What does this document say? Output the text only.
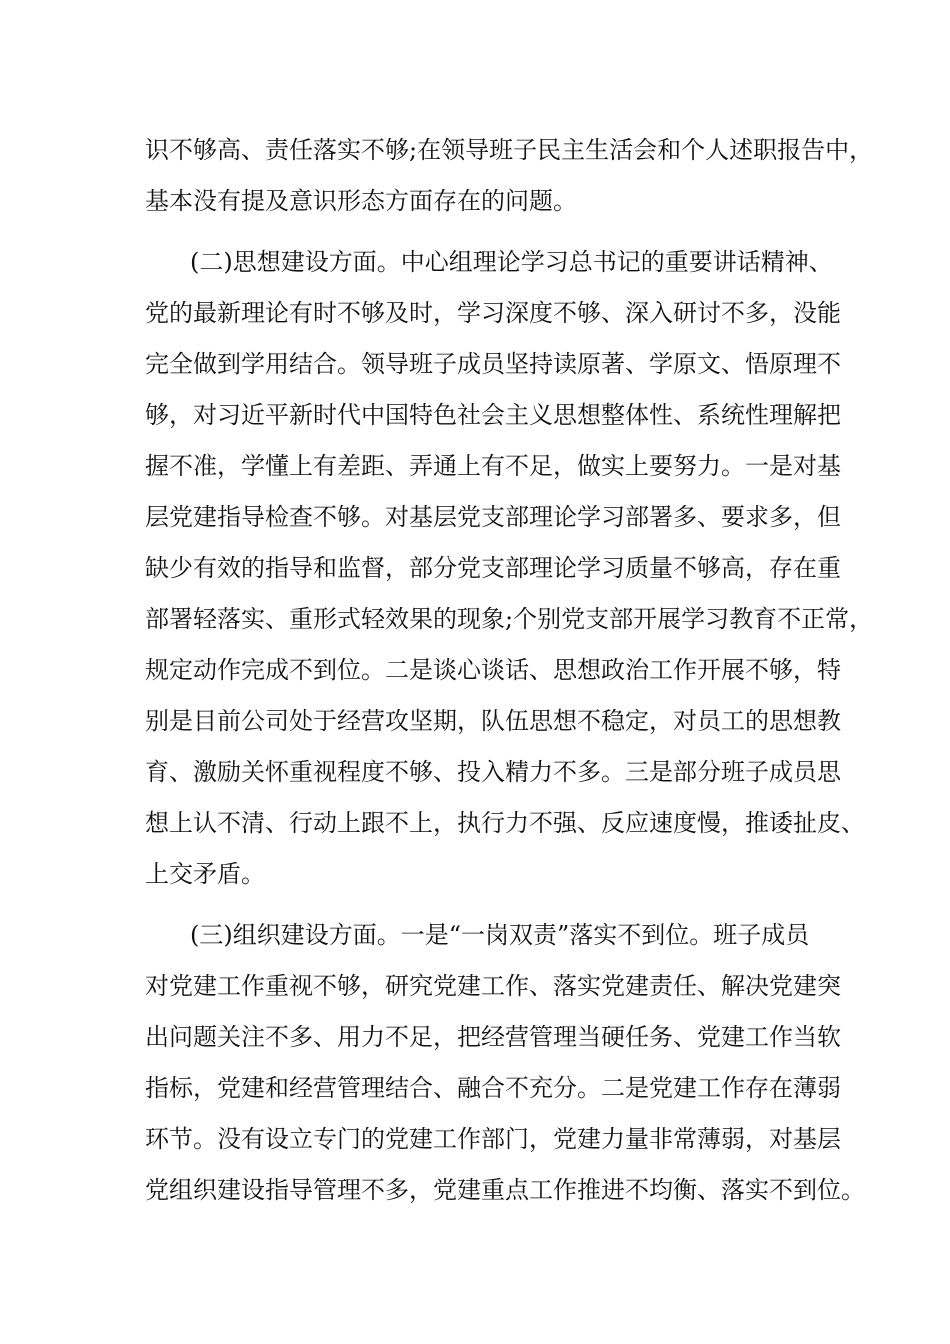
识不够高、责任落实不够;在领导班子民主生活会和个人述职报告中，

基本没有提及意识形态方面存在的问题。

(二)思想建设方面。中心组理论学习总书记的重要讲话精神、

党的最新理论有时不够及时，学习深度不够、深入研讨不多，没能

完全做到学用结合。领导班子成员坚持读原著、学原文、悟原理不

够，对习近平新时代中国特色社会主义思想整体性、系统性理解把

握不准，学懂上有差距、弄通上有不足，做实上要努力。一是对基

层党建指导检查不够。对基层党支部理论学习部署多、要求多，但

缺少有效的指导和监督，部分党支部理论学习质量不够高，存在重

部署轻落实、重形式轻效果的现象;个别党支部开展学习教育不正常，

规定动作完成不到位。二是谈心谈话、思想政治工作开展不够，特

别是目前公司处于经营攻坚期，队伍思想不稳定，对员工的思想教

育、激励关怀重视程度不够、投入精力不多。三是部分班子成员思

想上认不清、行动上跟不上，执行力不强、反应速度慢，推诿扯皮、

上交矛盾。

(三)组织建设方面。一是“一岗双责”落实不到位。班子成员

对党建工作重视不够，研究党建工作、落实党建责任、解决党建突

出问题关注不多、用力不足，把经营管理当硬任务、党建工作当软

指标，党建和经营管理结合、融合不充分。二是党建工作存在薄弱

环节。没有设立专门的党建工作部门，党建力量非常薄弱，对基层

党组织建设指导管理不多，党建重点工作推进不均衡、落实不到位。
